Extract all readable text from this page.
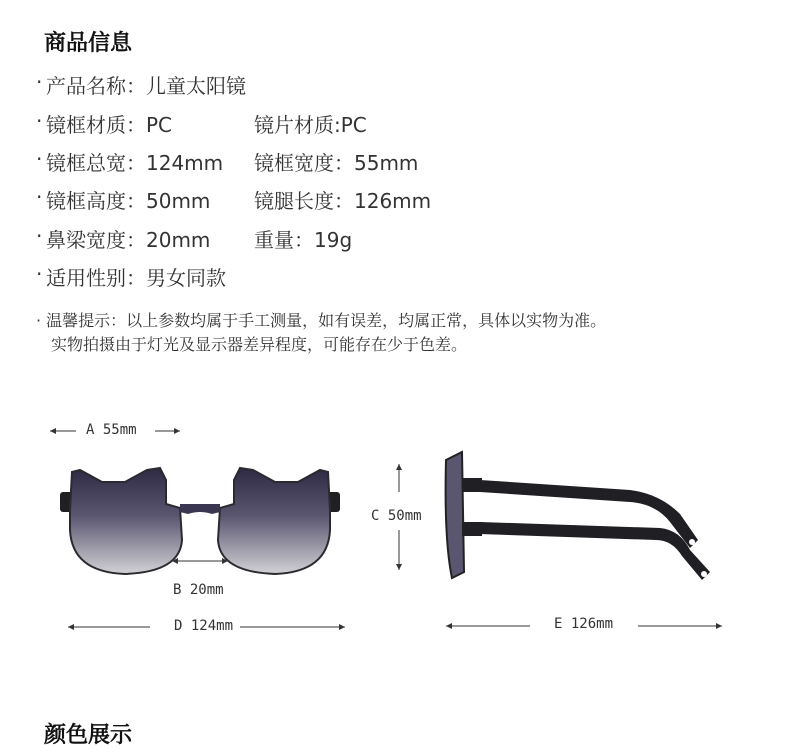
商品信息
· 产品名称：儿童太阳镜
· 镜框材质：PC	镜片材质:PC
· 镜框总宽：124mm 镜框宽度：55mm
· 镜框高度：50mm 镜腿长度：126mm
· 鼻梁宽度：20mm 重量：19g
· 适用性别：男女同款
· 温馨提示：以上参数均属于手工测量，如有误差，均属正常，具体以实物为准。
实物拍摄由于灯光及显示器差异程度，可能存在少于色差。
A 55mm
B 20mm
D 124mm
C 50mm
E 126mm
颜色展示
